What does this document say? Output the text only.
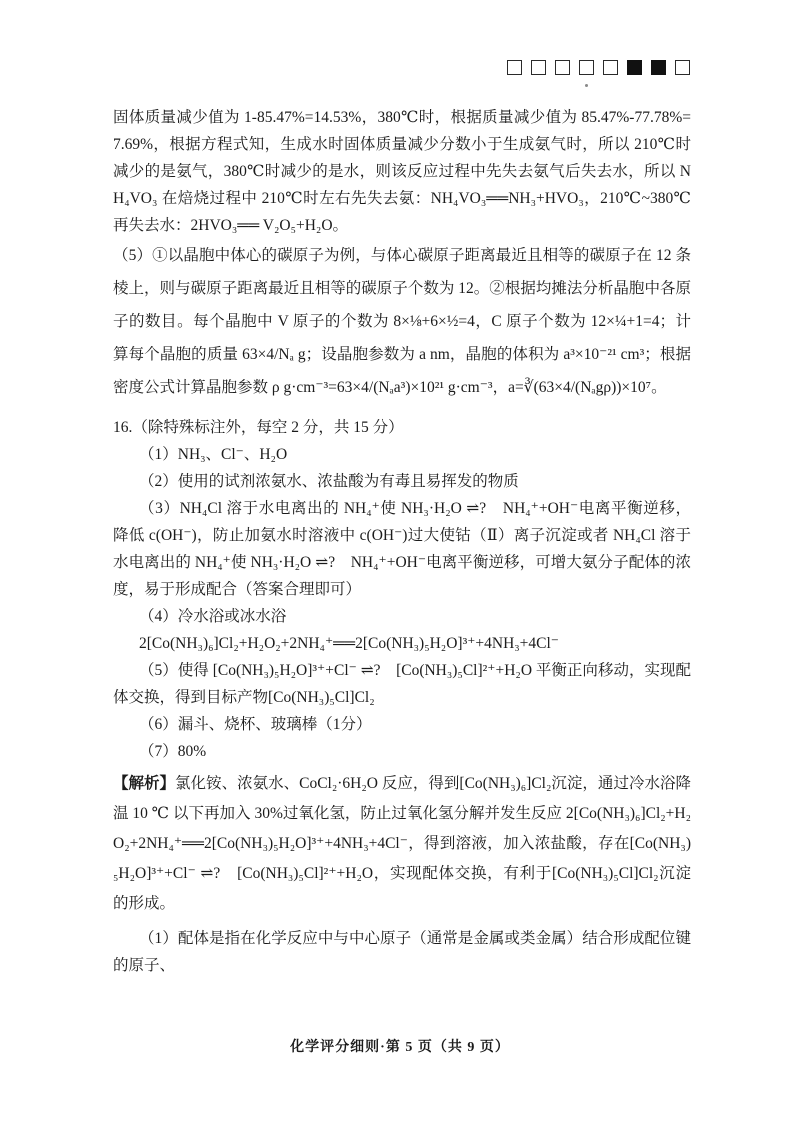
固体质量减少值为 1-85.47%=14.53%，380℃时，根据质量减少值为 85.47%-77.78%=7.69%，根据方程式知，生成水时固体质量减少分数小于生成氨气时，所以 210℃时减少的是氨气，380℃时减少的是水，则该反应过程中先失去氨气后失去水，所以 NH₄VO₃ 在焙烧过程中 210℃时左右先失去氨：NH₄VO₃══NH₃+HVO₃，210℃~380℃再失去水：2HVO₃══ V₂O₅+H₂O。

（5）①以晶胞中体心的碳原子为例，与体心碳原子距离最近且相等的碳原子在 12 条棱上，则与碳原子距离最近且相等的碳原子个数为 12。②根据均摊法分析晶胞中各原子的数目。每个晶胞中 V 原子的个数为 8×⅛+6×½=4，C 原子个数为 12×¼+1=4；计算每个晶胞的质量 63×4/Nₐ g；设晶胞参数为 a nm，晶胞的体积为 a³×10⁻²¹ cm³；根据密度公式计算晶胞参数 ρ g·cm⁻³=63×4/(Nₐa³)×10²¹ g·cm⁻³，a=∛(63×4/(Nₐgρ))×10⁷。

16.（除特殊标注外，每空 2 分，共 15 分）

（1）NH₃、Cl⁻、H₂O

（2）使用的试剂浓氨水、浓盐酸为有毒且易挥发的物质

（3）NH₄Cl 溶于水电离出的 NH₄⁺使 NH₃·H₂O ⇌?　NH₄⁺+OH⁻电离平衡逆移，降低 c(OH⁻)，防止加氨水时溶液中 c(OH⁻)过大使钴（Ⅱ）离子沉淀或者 NH₄Cl 溶于水电离出的 NH₄⁺使 NH₃·H₂O ⇌?　NH₄⁺+OH⁻电离平衡逆移，可增大氨分子配体的浓度，易于形成配合（答案合理即可）

（4）冷水浴或冰水浴

2[Co(NH₃)₆]Cl₂+H₂O₂+2NH₄⁺══2[Co(NH₃)₅H₂O]³⁺+4NH₃+4Cl⁻

（5）使得 [Co(NH₃)₅H₂O]³⁺+Cl⁻ ⇌?　[Co(NH₃)₅Cl]²⁺+H₂O 平衡正向移动，实现配体交换，得到目标产物[Co(NH₃)₅Cl]Cl₂

（6）漏斗、烧杯、玻璃棒（1分）

（7）80%

【解析】氯化铵、浓氨水、CoCl₂·6H₂O 反应，得到[Co(NH₃)₆]Cl₂沉淀，通过冷水浴降温 10 ℃ 以下再加入 30%过氧化氢，防止过氧化氢分解并发生反应 2[Co(NH₃)₆]Cl₂+H₂O₂+2NH₄⁺══2[Co(NH₃)₅H₂O]³⁺+4NH₃+4Cl⁻，得到溶液，加入浓盐酸，存在[Co(NH₃)₅H₂O]³⁺+Cl⁻ ⇌?　[Co(NH₃)₅Cl]²⁺+H₂O，实现配体交换，有利于[Co(NH₃)₅Cl]Cl₂沉淀的形成。

（1）配体是指在化学反应中与中心原子（通常是金属或类金属）结合形成配位键的原子、

化学评分细则·第 5 页（共 9 页）
